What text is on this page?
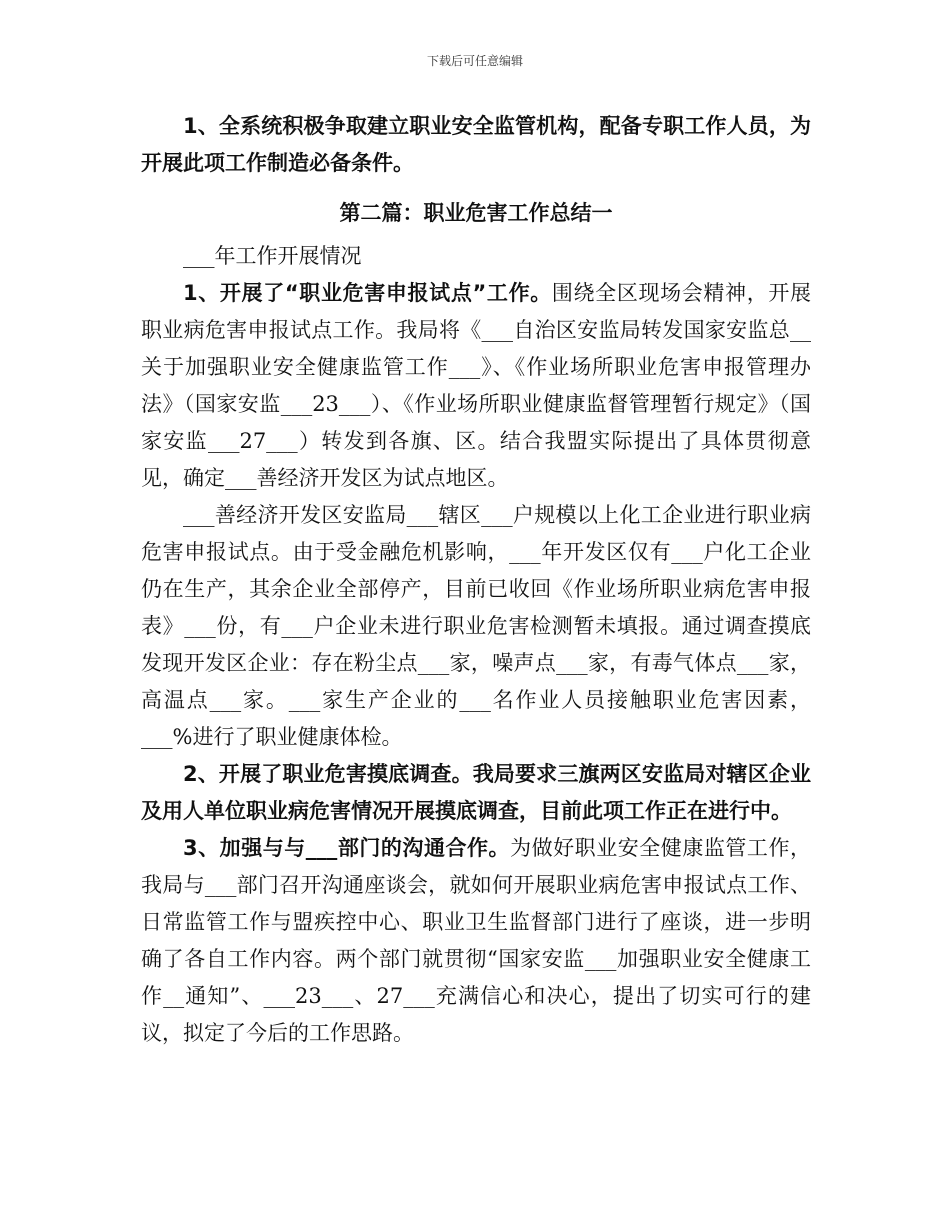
下载后可任意编辑

1、全系统积极争取建立职业安全监管机构，配备专职工作人员，为开展此项工作制造必备条件。

第二篇：职业危害工作总结一

___年工作开展情况

1、开展了“职业危害申报试点”工作。围绕全区现场会精神，开展职业病危害申报试点工作。我局将《___自治区安监局转发国家安监总__关于加强职业安全健康监管工作___》、《作业场所职业危害申报管理办法》（国家安监___23___）、《作业场所职业健康监督管理暂行规定》（国家安监___27___）转发到各旗、区。结合我盟实际提出了具体贯彻意见，确定___善经济开发区为试点地区。

___善经济开发区安监局___辖区___户规模以上化工企业进行职业病危害申报试点。由于受金融危机影响，___年开发区仅有___户化工企业仍在生产，其余企业全部停产，目前已收回《作业场所职业病危害申报表》___份，有___户企业未进行职业危害检测暂未填报。通过调查摸底发现开发区企业：存在粉尘点___家，噪声点___家，有毒气体点___家，高温点___家。___家生产企业的___名作业人员接触职业危害因素，___%进行了职业健康体检。

2、开展了职业危害摸底调查。我局要求三旗两区安监局对辖区企业及用人单位职业病危害情况开展摸底调查，目前此项工作正在进行中。

3、加强与与___部门的沟通合作。为做好职业安全健康监管工作，我局与___部门召开沟通座谈会，就如何开展职业病危害申报试点工作、日常监管工作与盟疾控中心、职业卫生监督部门进行了座谈，进一步明确了各自工作内容。两个部门就贯彻“国家安监___加强职业安全健康工作__通知”、___23___、27___充满信心和决心，提出了切实可行的建议，拟定了今后的工作思路。
